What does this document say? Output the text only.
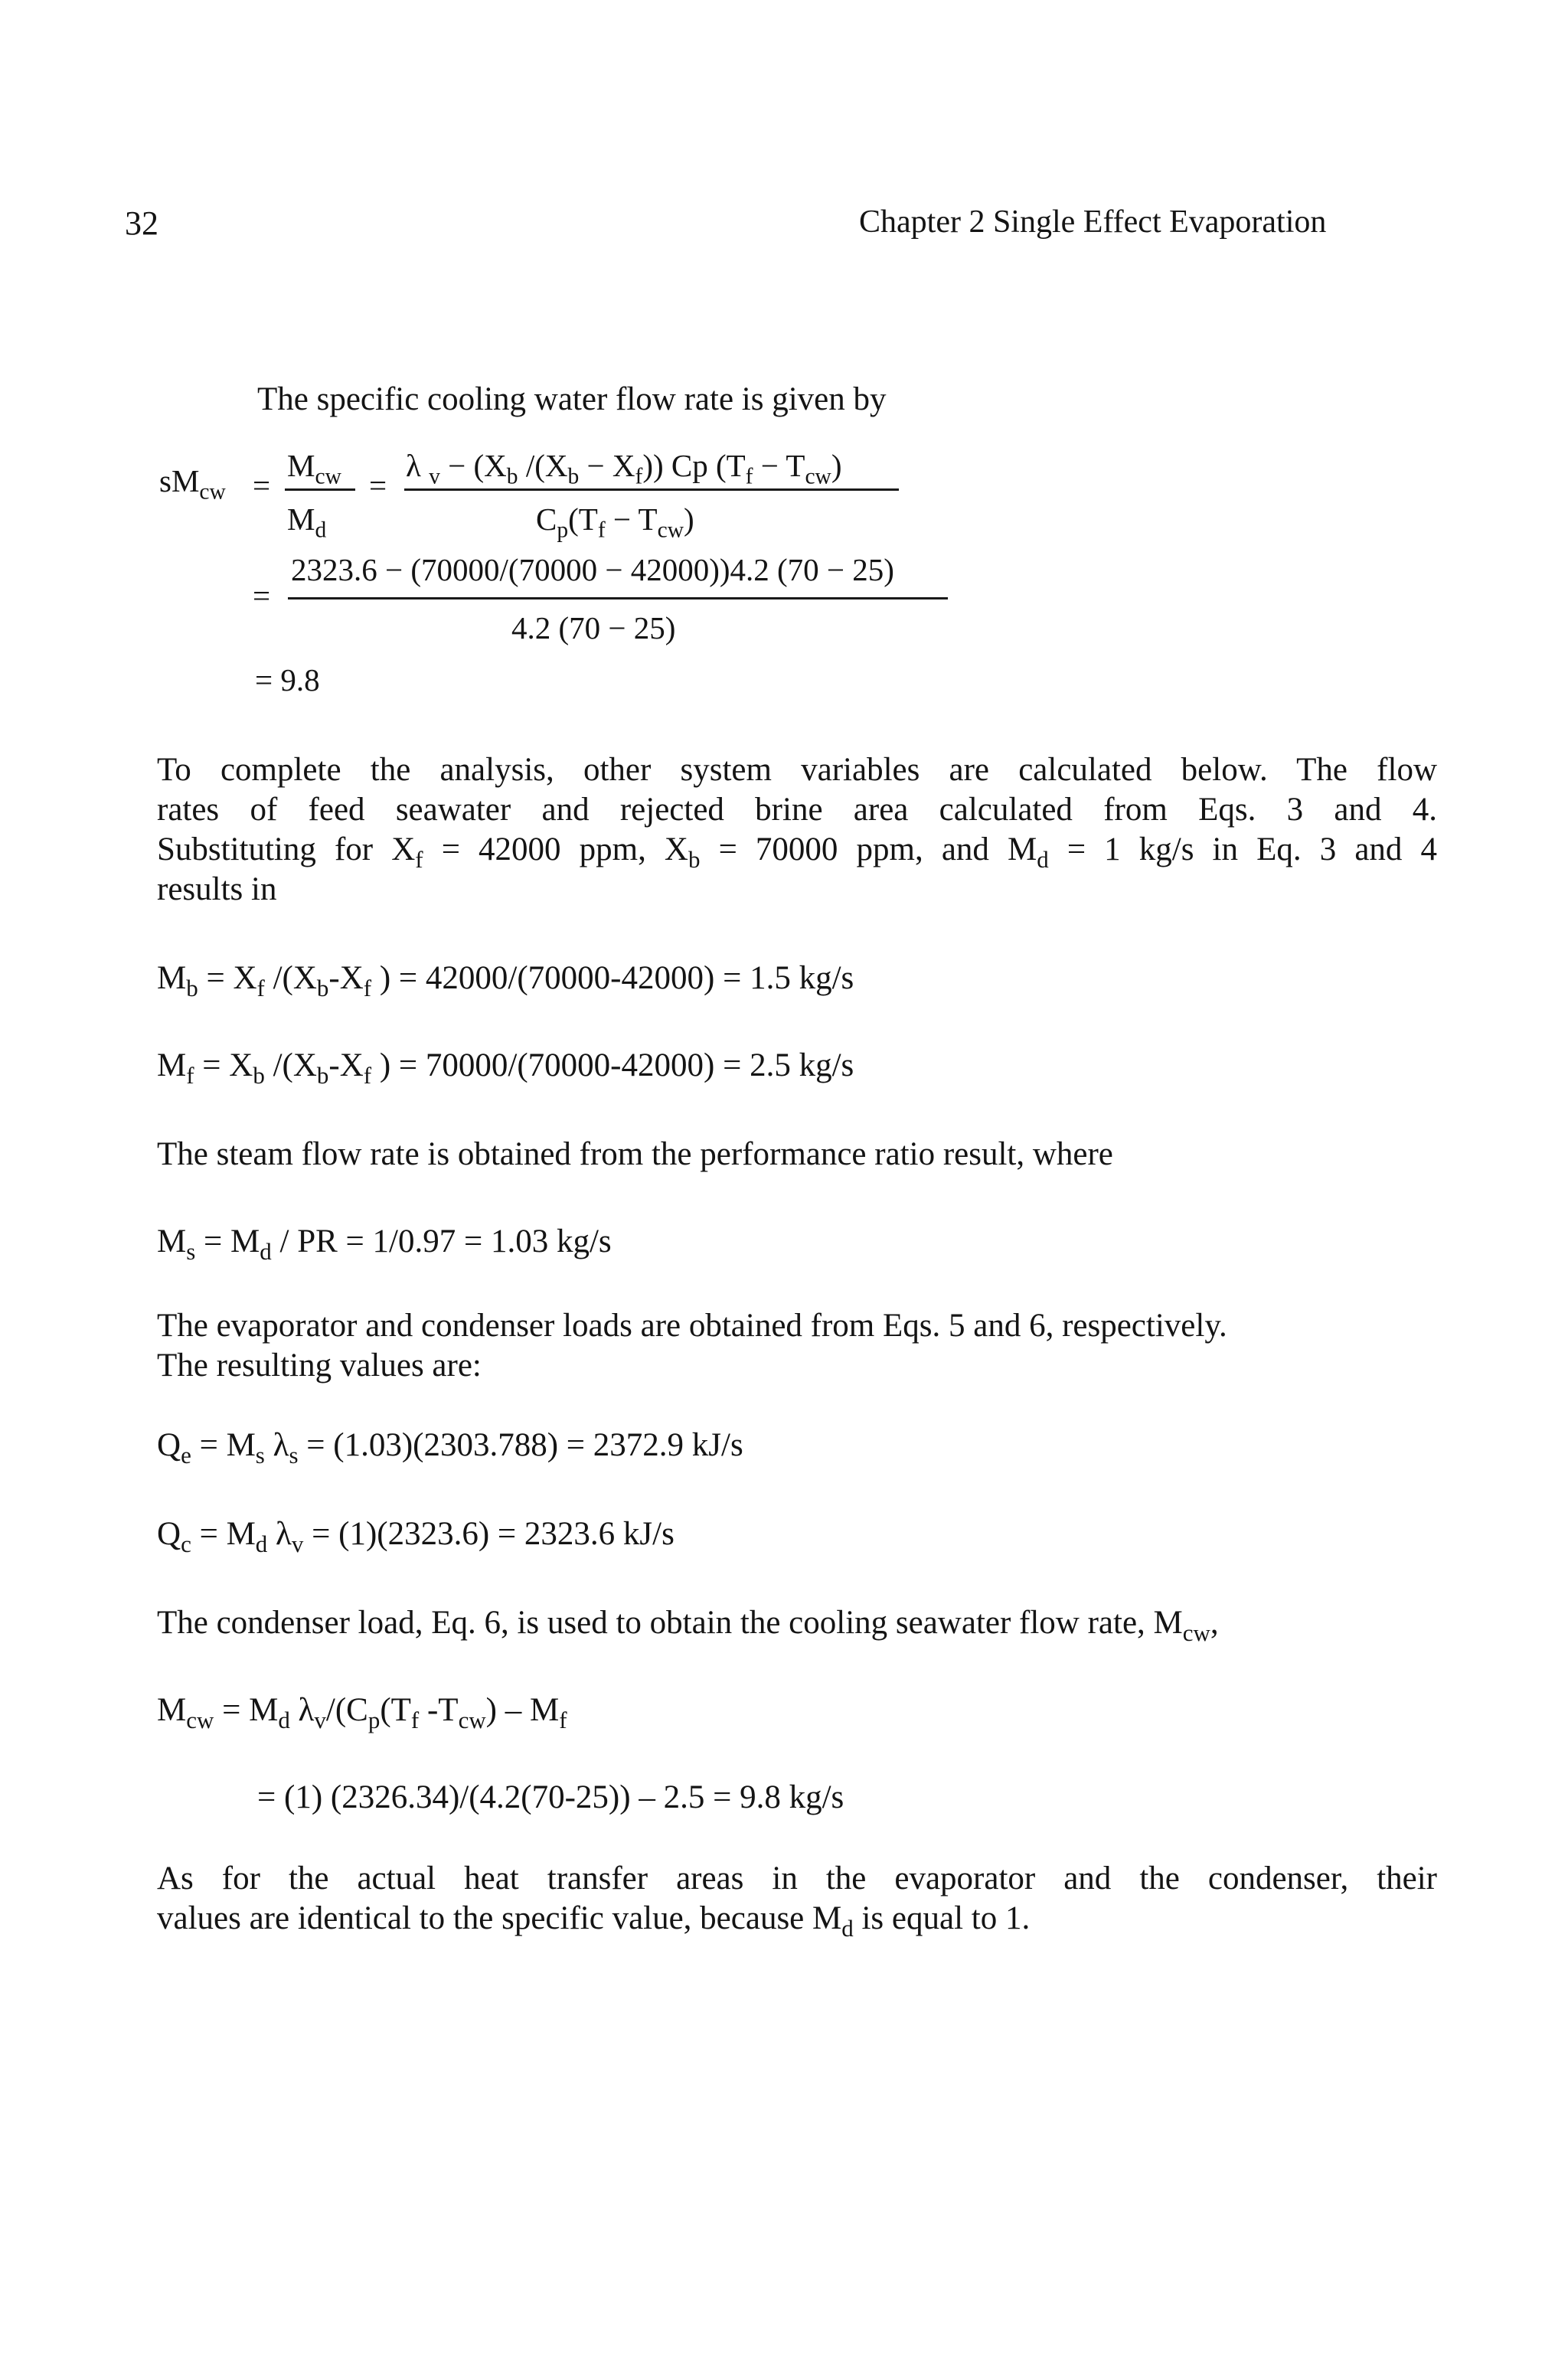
32	Chapter 2 Single Effect Evaporation
The specific cooling water flow rate is given by
$sM_{cw}$ =
$M_{cw}$
$M_d$
=
λ $_v - (X_b$ $/(X_b - X_f)$) Cp $(T_f - T_{cw})$
$C_p(T_f - T_{cw})$
=
2323.6 − (70000/(70000 − 42000))4.2 (70 − 25)
4.2 (70 − 25)
= 9.8
To complete the analysis, other system variables are calculated below. The flow
rates of feed seawater and rejected brine area calculated from Eqs. 3 and 4.
Substituting for $X_f = 42000$ ppm, $X_b = 70000$ ppm, and $M_d = 1$ kg/s in Eq. 3 and 4
results in
$M_b = X_f$ $/(X_b-X_f$ ) = 42000/(70000-42000) = 1.5 kg/s
$M_f = X_b$ $/(X_b-X_f$ ) = 70000/(70000-42000) = 2.5 kg/s
The steam flow rate is obtained from the performance ratio result, where
$M_s = M_d$ / PR = 1/0.97 = 1.03 kg/s
The evaporator and condenser loads are obtained from Eqs. 5 and 6, respectively.
The resulting values are:
$Q_e = M_s$ $\lambda_s = (1.03)(2303.788) = 2372.9$ kJ/s
$Q_c = M_d$ $\lambda_v = (1)(2323.6) = 2323.6$ kJ/s
The condenser load, Eq. 6, is used to obtain the cooling seawater flow rate, $M_{cw}$,
$M_{cw} = M_d$ $\lambda_v/(C_p(T_f$ $-T_{cw}) - M_f$
= (1) (2326.34)/(4.2(70-25)) – 2.5 = 9.8 kg/s
As for the actual heat transfer areas in the evaporator and the condenser, their
values are identical to the specific value, because $M_d$ is equal to 1.
